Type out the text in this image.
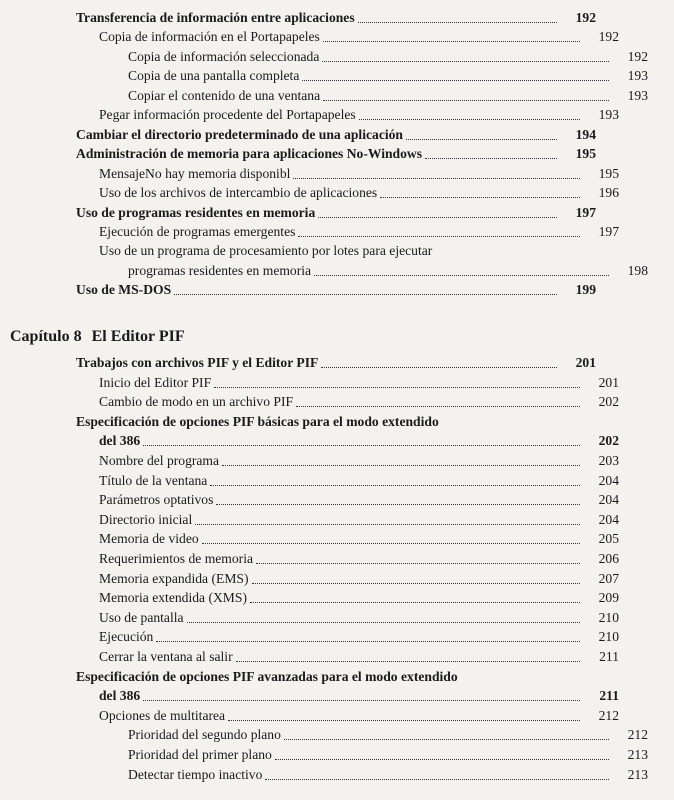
Transferencia de información entre aplicaciones	192
Copia de información en el Portapapeles	192
Copia de información seleccionada	192
Copia de una pantalla completa	193
Copiar el contenido de una ventana	193
Pegar información procedente del Portapapeles	193
Cambiar el directorio predeterminado de una aplicación	194
Administración de memoria para aplicaciones No-Windows	195
MensajeNo hay memoria disponibl	195
Uso de los archivos de intercambio de aplicaciones	196
Uso de programas residentes en memoria	197
Ejecución de programas emergentes	197
Uso de un programa de procesamiento por lotes para ejecutar
programas residentes en memoria	198
Uso de MS-DOS	199
Capítulo 8 El Editor PIF
Trabajos con archivos PIF y el Editor PIF	201
Inicio del Editor PIF	201
Cambio de modo en un archivo PIF	202
Especificación de opciones PIF básicas para el modo extendido
del 386	202
Nombre del programa	203
Título de la ventana	204
Parámetros optativos	204
Directorio inicial	204
Memoria de video	205
Requerimientos de memoria	206
Memoria expandida (EMS)	207
Memoria extendida (XMS)	209
Uso de pantalla	210
Ejecución	210
Cerrar la ventana al salir	211
Especificación de opciones PIF avanzadas para el modo extendido
del 386	211
Opciones de multitarea	212
Prioridad del segundo plano	212
Prioridad del primer plano	213
Detectar tiempo inactivo	213
